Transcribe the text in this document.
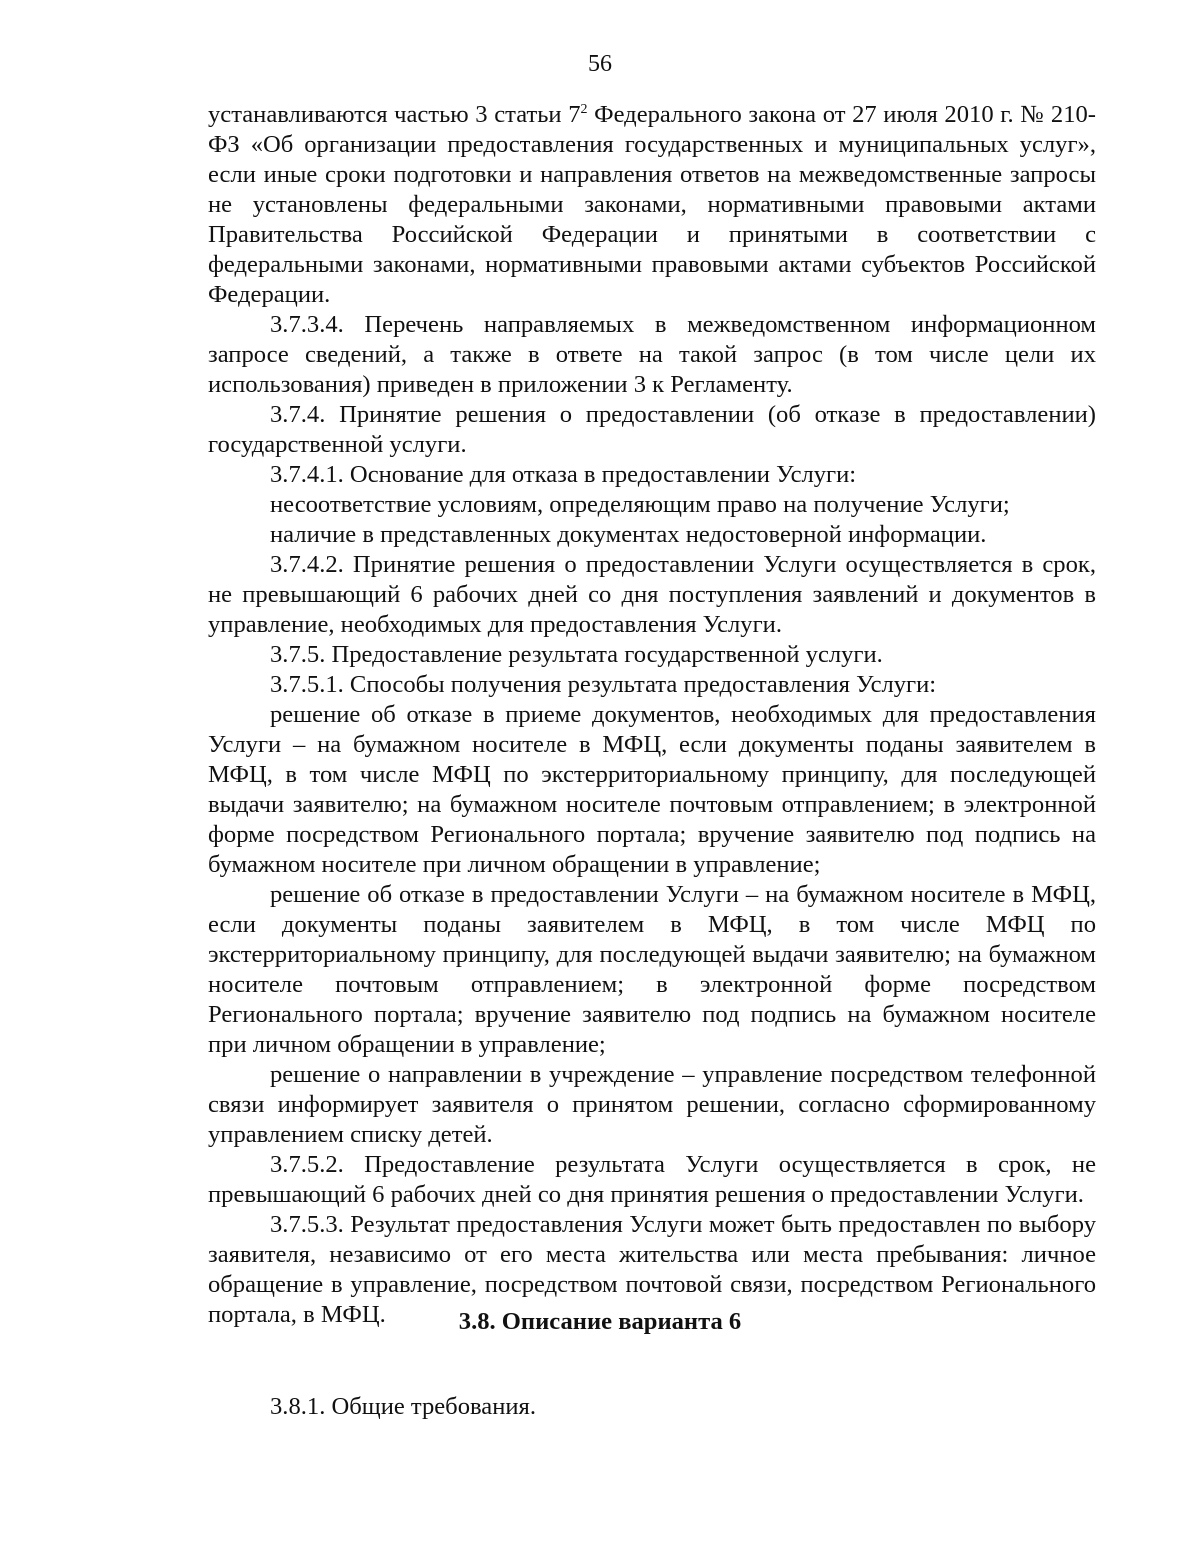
56

устанавливаются частью 3 статьи $7^2$ Федерального закона от 27 июля 2010 г. № 210-ФЗ «Об организации предоставления государственных и муниципальных услуг», если иные сроки подготовки и направления ответов на межведомственные запросы не установлены федеральными законами, нормативными правовыми актами Правительства Российской Федерации и принятыми в соответствии с федеральными законами, нормативными правовыми актами субъектов Российской Федерации.

3.7.3.4. Перечень направляемых в межведомственном информационном запросе сведений, а также в ответе на такой запрос (в том числе цели их использования) приведен в приложении 3 к Регламенту.

3.7.4. Принятие решения о предоставлении (об отказе в предоставлении) государственной услуги.

3.7.4.1. Основание для отказа в предоставлении Услуги:

несоответствие условиям, определяющим право на получение Услуги;

наличие в представленных документах недостоверной информации.

3.7.4.2. Принятие решения о предоставлении Услуги осуществляется в срок, не превышающий 6 рабочих дней со дня поступления заявлений и документов в управление, необходимых для предоставления Услуги.

3.7.5. Предоставление результата государственной услуги.

3.7.5.1. Способы получения результата предоставления Услуги:

решение об отказе в приеме документов, необходимых для предоставления Услуги – на бумажном носителе в МФЦ, если документы поданы заявителем в МФЦ, в том числе МФЦ по экстерриториальному принципу, для последующей выдачи заявителю; на бумажном носителе почтовым отправлением; в электронной форме посредством Регионального портала; вручение заявителю под подпись на бумажном носителе при личном обращении в управление;

решение об отказе в предоставлении Услуги – на бумажном носителе в МФЦ, если документы поданы заявителем в МФЦ, в том числе МФЦ по экстерриториальному принципу, для последующей выдачи заявителю; на бумажном носителе почтовым отправлением; в электронной форме посредством Регионального портала; вручение заявителю под подпись на бумажном носителе при личном обращении в управление;

решение о направлении в учреждение – управление посредством телефонной связи информирует заявителя о принятом решении, согласно сформированному управлением списку детей.

3.7.5.2. Предоставление результата Услуги осуществляется в срок, не превышающий 6 рабочих дней со дня принятия решения о предоставлении Услуги.

3.7.5.3. Результат предоставления Услуги может быть предоставлен по выбору заявителя, независимо от его места жительства или места пребывания: личное обращение в управление, посредством почтовой связи, посредством Регионального портала, в МФЦ.	3.8. Описание варианта 6

3.8.1. Общие требования.
